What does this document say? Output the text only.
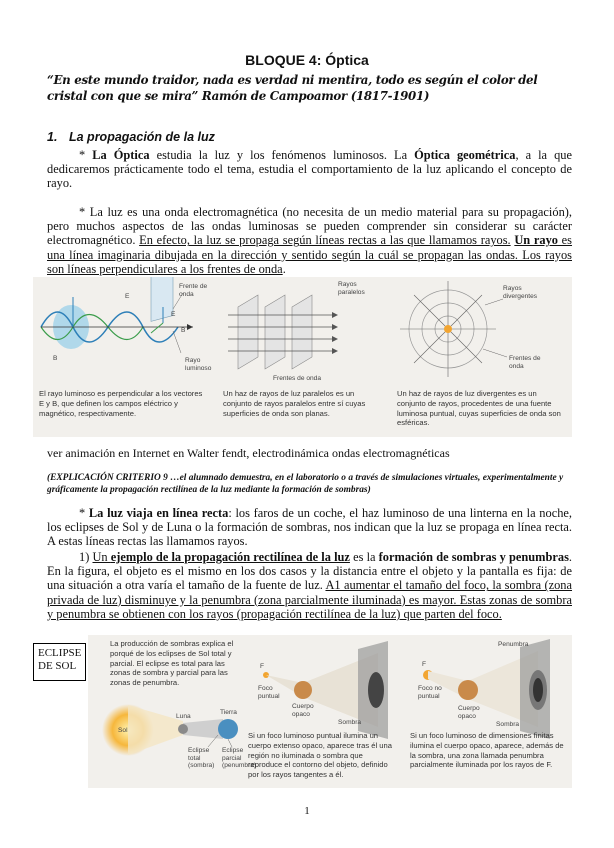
BLOQUE 4: Óptica
“En este mundo traidor, nada es verdad ni mentira, todo es según el color del cristal con que se mira” Ramón de Campoamor (1817-1901)
1. La propagación de la luz
* La Óptica estudia la luz y los fenómenos luminosos. La Óptica geométrica, a la que dedicaremos prácticamente todo el tema, estudia el comportamiento de la luz aplicando el concepto de rayo.
* La luz es una onda electromagnética (no necesita de un medio material para su propagación), pero muchos aspectos de las ondas luminosas se pueden comprender sin considerar su carácter electromagnético. En efecto, la luz se propaga según líneas rectas a las que llamamos rayos. Un rayo es una línea imaginaria dibujada en la dirección y sentido según la cuál se propagan las ondas. Los rayos son líneas perpendiculares a los frentes de onda.
Frente de onda
E
B
E
B
Rayo luminoso
Rayos paralelos
Frentes de onda
Rayos divergentes
Frentes de onda
El rayo luminoso es perpendicular a los vectores E y B, que definen los campos eléctrico y magnético, respectivamente.
Un haz de rayos de luz paralelos es un conjunto de rayos paralelos entre sí cuyas superficies de onda son planas.
Un haz de rayos de luz divergentes es un conjunto de rayos, procedentes de una fuente luminosa puntual, cuyas superficies de onda son esféricas.
ver animación en Internet en Walter fendt, electrodinámica ondas electromagnéticas
(EXPLICACIÓN CRITERIO 9 …el alumnado demuestra, en el laboratorio o a través de simulaciones virtuales, experimentalmente y gráficamente la propagación rectilínea de la luz mediante la formación de sombras)
* La luz viaja en línea recta: los faros de un coche, el haz luminoso de una linterna en la noche, los eclipses de Sol y de Luna o la formación de sombras, nos indican que la luz se propaga en línea recta. A estas líneas rectas las llamamos rayos.
1) Un ejemplo de la propagación rectilínea de la luz es la formación de sombras y penumbras. En la figura, el objeto es el mismo en los dos casos y la distancia entre el objeto y la pantalla es fija: de una situación a otra varía el tamaño de la fuente de luz. A1 aumentar el tamaño del foco, la sombra (zona privada de luz) disminuye y la penumbra (zona parcialmente iluminada) es mayor. Estas zonas de sombra y penumbra se obtienen con los rayos (propagación rectilínea de la luz) que parten del foco.
ECLIPSE DE SOL
La producción de sombras explica el porqué de los eclipses de Sol total y parcial. El eclipse es total para las zonas de sombra y parcial para las zonas de penumbra.
Sol
Luna
Tierra
Eclipse total (sombra)
Eclipse parcial (penumbra)
F
Foco puntual
Cuerpo opaco
Sombra
Si un foco luminoso puntual ilumina un cuerpo extenso opaco, aparece tras él una región no iluminada o sombra que reproduce el contorno del objeto, definido por los rayos tangentes a él.
Penumbra
F
Foco no puntual
Cuerpo opaco
Sombra
Si un foco luminoso de dimensiones finitas ilumina el cuerpo opaco, aparece, además de la sombra, una zona llamada penumbra parcialmente iluminada por los rayos de F.
1
